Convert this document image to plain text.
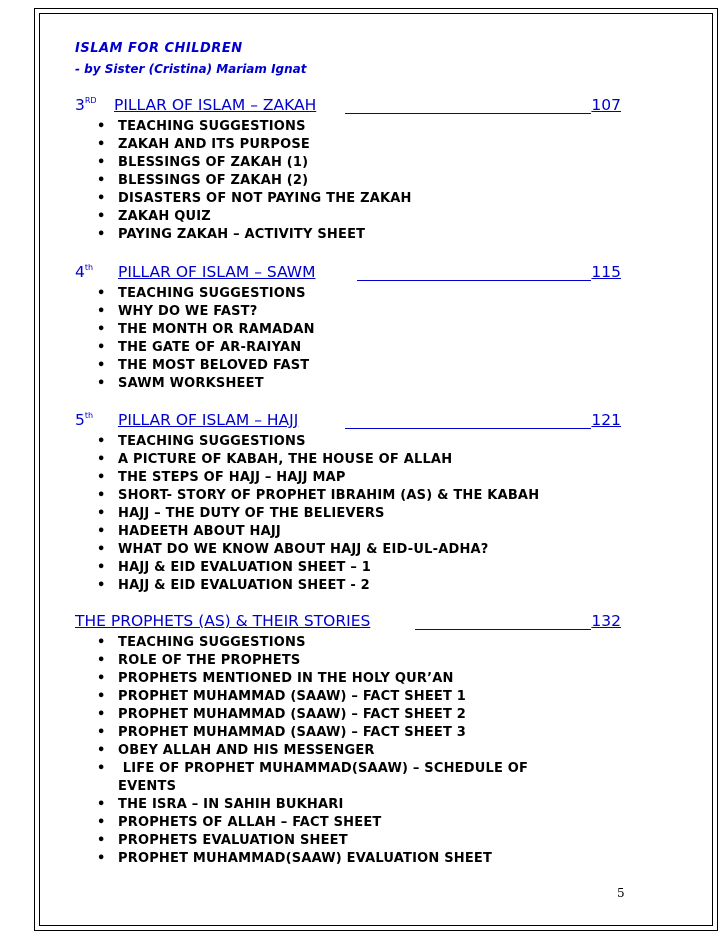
ISLAM FOR CHILDREN
- by Sister (Cristina) Mariam Ignat
3RD PILLAR OF ISLAM – ZAKAH	107
• TEACHING SUGGESTIONS
• ZAKAH AND ITS PURPOSE
• BLESSINGS OF ZAKAH (1)
• BLESSINGS OF ZAKAH (2)
• DISASTERS OF NOT PAYING THE ZAKAH
• ZAKAH QUIZ
• PAYING ZAKAH – ACTIVITY SHEET
4th PILLAR OF ISLAM – SAWM	115
• TEACHING SUGGESTIONS
• WHY DO WE FAST?
• THE MONTH OR RAMADAN
• THE GATE OF AR-RAIYAN
• THE MOST BELOVED FAST
• SAWM WORKSHEET
5th PILLAR OF ISLAM – HAJJ	121
• TEACHING SUGGESTIONS
• A PICTURE OF KABAH, THE HOUSE OF ALLAH
• THE STEPS OF HAJJ – HAJJ MAP
• SHORT- STORY OF PROPHET IBRAHIM (AS) & THE KABAH
• HAJJ – THE DUTY OF THE BELIEVERS
• HADEETH ABOUT HAJJ
• WHAT DO WE KNOW ABOUT HAJJ & EID-UL-ADHA?
• HAJJ & EID EVALUATION SHEET – 1
• HAJJ & EID EVALUATION SHEET - 2
THE PROPHETS (AS) & THEIR STORIES	132
• TEACHING SUGGESTIONS
• ROLE OF THE PROPHETS
• PROPHETS MENTIONED IN THE HOLY QUR’AN
• PROPHET MUHAMMAD (SAAW) – FACT SHEET 1
• PROPHET MUHAMMAD (SAAW) – FACT SHEET 2
• PROPHET MUHAMMAD (SAAW) – FACT SHEET 3
• OBEY ALLAH AND HIS MESSENGER
• LIFE OF PROPHET MUHAMMAD(SAAW) – SCHEDULE OF EVENTS
• THE ISRA – IN SAHIH BUKHARI
• PROPHETS OF ALLAH – FACT SHEET
• PROPHETS EVALUATION SHEET
• PROPHET MUHAMMAD(SAAW) EVALUATION SHEET
5
